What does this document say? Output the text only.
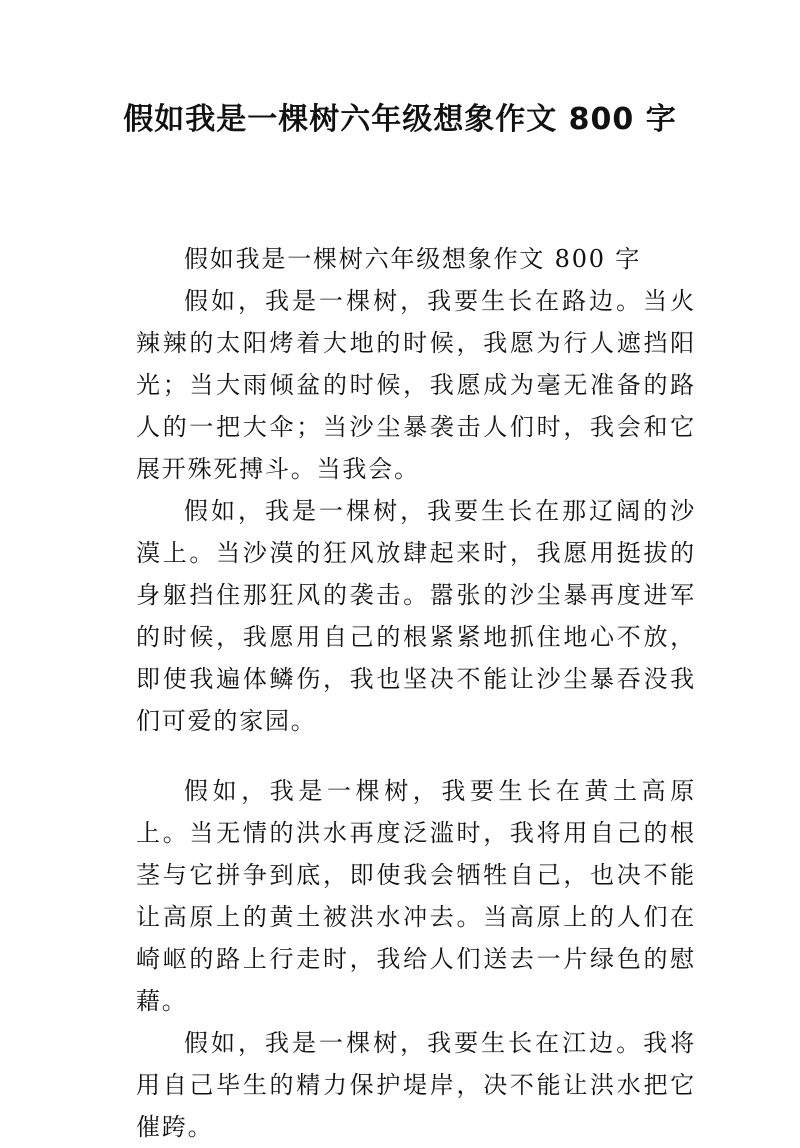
假如我是一棵树六年级想象作文 800 字

假如我是一棵树六年级想象作文 800 字

假如，我是一棵树，我要生长在路边。当火辣辣的太阳烤着大地的时候，我愿为行人遮挡阳光；当大雨倾盆的时候，我愿成为毫无准备的路人的一把大伞；当沙尘暴袭击人们时，我会和它展开殊死搏斗。当我会。

假如，我是一棵树，我要生长在那辽阔的沙漠上。当沙漠的狂风放肆起来时，我愿用挺拔的身躯挡住那狂风的袭击。嚣张的沙尘暴再度进军的时候，我愿用自己的根紧紧地抓住地心不放，即使我遍体鳞伤，我也坚决不能让沙尘暴吞没我们可爱的家园。

假如，我是一棵树，我要生长在黄土高原上。当无情的洪水再度泛滥时，我将用自己的根茎与它拼争到底，即使我会牺牲自己，也决不能让高原上的黄土被洪水冲去。当高原上的人们在崎岖的路上行走时，我给人们送去一片绿色的慰藉。

假如，我是一棵树，我要生长在江边。我将用自己毕生的精力保护堤岸，决不能让洪水把它催跨。
